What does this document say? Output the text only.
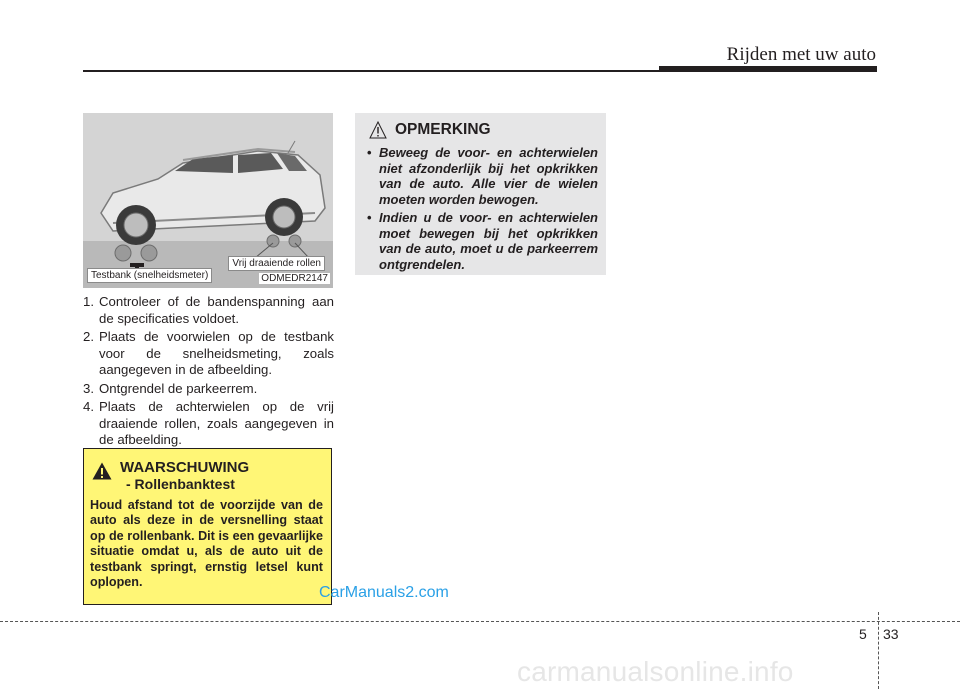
Rijden met uw auto
Vrij draaiende rollen
Testbank (snelheidsmeter)	ODMEDR2147
1. Controleer of de bandenspanning aan de specificaties voldoet.
2. Plaats de voorwielen op de testbank voor de snelheidsmeting, zoals aangegeven in de afbeelding.
3. Ontgrendel de parkeerrem.
4. Plaats de achterwielen op de vrij draaiende rollen, zoals aangegeven in de afbeelding.
OPMERKING
• Beweeg de voor- en achterwielen niet afzonderlijk bij het opkrikken van de auto. Alle vier de wielen moeten worden bewogen.
• Indien u de voor- en achterwielen moet bewegen bij het opkrikken van de auto, moet u de parkeerrem ontgrendelen.
WAARSCHUWING
- Rollenbanktest
Houd afstand tot de voorzijde van de auto als deze in de versnelling staat op de rollenbank. Dit is een gevaarlijke situatie omdat u, als de auto uit de testbank springt, ernstig letsel kunt oplopen.
CarManuals2.com
5 33
carmanualsonline.info
